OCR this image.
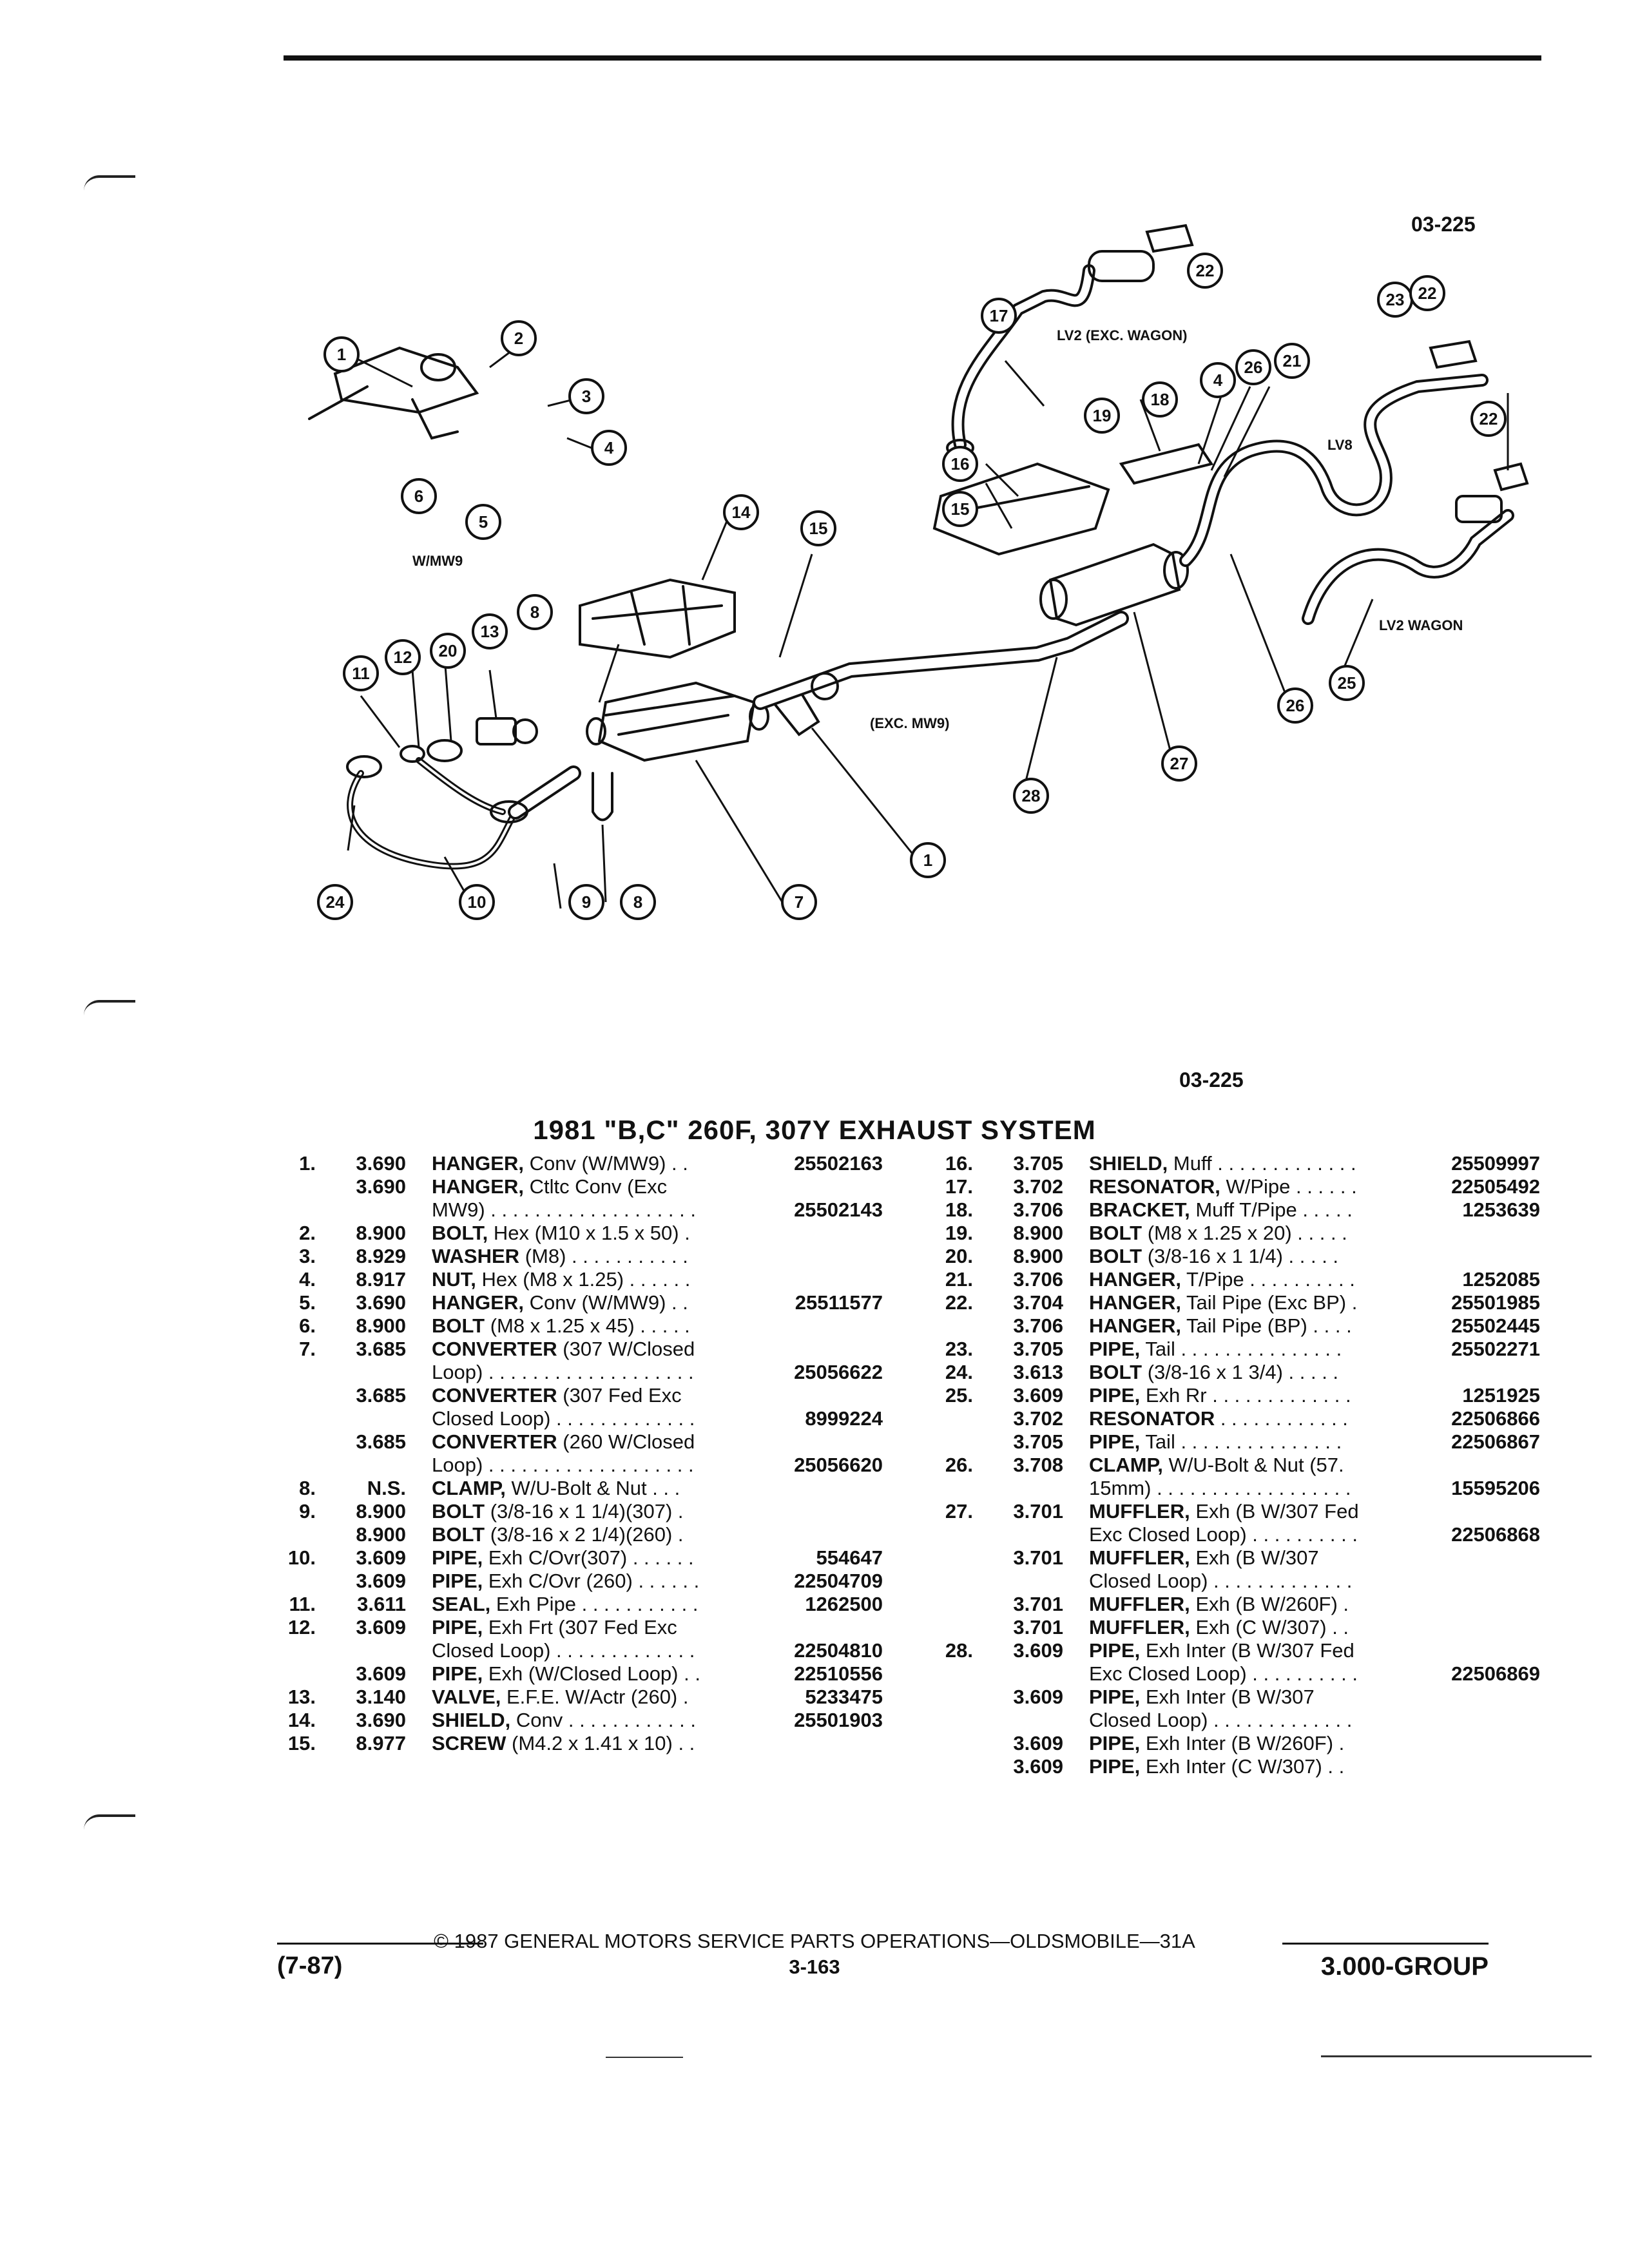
03-225
1
2
3
4
6
5	14
15
8
13
20
12
11
24	10	9	8	7
1
28
27
26
25
16
15
17
19
18
4
26 21
22
23 22
22
W/MW9
LV2 (EXC. WAGON)
LV8
LV2 WAGON
(EXC. MW9)
03-225
1981 "B,C" 260F, 307Y EXHAUST SYSTEM
1.	3.690 HANGER, Conv (W/MW9) . .	25502163
3.690 HANGER, Ctltc Conv (Exc
MW9) . . . . . . . . . . . . . . . . . . .	25502143
2.	8.900 BOLT, Hex (M10 x 1.5 x 50) .
3.	8.929 WASHER (M8) . . . . . . . . . . .
4.	8.917 NUT, Hex (M8 x 1.25) . . . . . .
5.	3.690 HANGER, Conv (W/MW9) . .	25511577
6.	8.900 BOLT (M8 x 1.25 x 45) . . . . .
7.	3.685 CONVERTER (307 W/Closed
Loop) . . . . . . . . . . . . . . . . . . .	25056622
3.685 CONVERTER (307 Fed Exc
Closed Loop) . . . . . . . . . . . . .	8999224
3.685 CONVERTER (260 W/Closed
Loop) . . . . . . . . . . . . . . . . . . .	25056620
8.	N.S. CLAMP, W/U-Bolt & Nut . . .
9.	8.900 BOLT (3/8-16 x 1 1/4)(307) .
8.900 BOLT (3/8-16 x 2 1/4)(260) .
10.	3.609 PIPE, Exh C/Ovr(307) . . . . . .	554647
3.609 PIPE, Exh C/Ovr (260) . . . . . .	22504709
11.	3.611 SEAL, Exh Pipe . . . . . . . . . . .	1262500
12.	3.609 PIPE, Exh Frt (307 Fed Exc
Closed Loop) . . . . . . . . . . . . .	22504810
3.609 PIPE, Exh (W/Closed Loop) . .	22510556
13.	3.140 VALVE, E.F.E. W/Actr (260) .	5233475
14.	3.690 SHIELD, Conv . . . . . . . . . . . .	25501903
15.	8.977 SCREW (M4.2 x 1.41 x 10) . .
16.	3.705 SHIELD, Muff . . . . . . . . . . . . .	25509997
17.	3.702 RESONATOR, W/Pipe . . . . . .	22505492
18.	3.706 BRACKET, Muff T/Pipe . . . . .	1253639
19.	8.900 BOLT (M8 x 1.25 x 20) . . . . .
20.	8.900 BOLT (3/8-16 x 1 1/4) . . . . .
21.	3.706 HANGER, T/Pipe . . . . . . . . . .	1252085
22.	3.704 HANGER, Tail Pipe (Exc BP) .	25501985
3.706 HANGER, Tail Pipe (BP) . . . .	25502445
23.	3.705 PIPE, Tail . . . . . . . . . . . . . . .	25502271
24.	3.613 BOLT (3/8-16 x 1 3/4) . . . . .
25.	3.609 PIPE, Exh Rr . . . . . . . . . . . . .	1251925
3.702 RESONATOR . . . . . . . . . . . .	22506866
3.705 PIPE, Tail . . . . . . . . . . . . . . .	22506867
26.	3.708 CLAMP, W/U-Bolt & Nut (57.
15mm) . . . . . . . . . . . . . . . . . .	15595206
27.	3.701 MUFFLER, Exh (B W/307 Fed
Exc Closed Loop) . . . . . . . . . .	22506868
3.701 MUFFLER, Exh (B W/307
Closed Loop) . . . . . . . . . . . . .
3.701 MUFFLER, Exh (B W/260F) .
3.701 MUFFLER, Exh (C W/307) . .
28.	3.609 PIPE, Exh Inter (B W/307 Fed
Exc Closed Loop) . . . . . . . . . .	22506869
3.609 PIPE, Exh Inter (B W/307
Closed Loop) . . . . . . . . . . . . .
3.609 PIPE, Exh Inter (B W/260F) .
3.609 PIPE, Exh Inter (C W/307) . .
© 1987 GENERAL MOTORS SERVICE PARTS OPERATIONS—OLDSMOBILE—31A
(7-87)	3-163	3.000-GROUP
